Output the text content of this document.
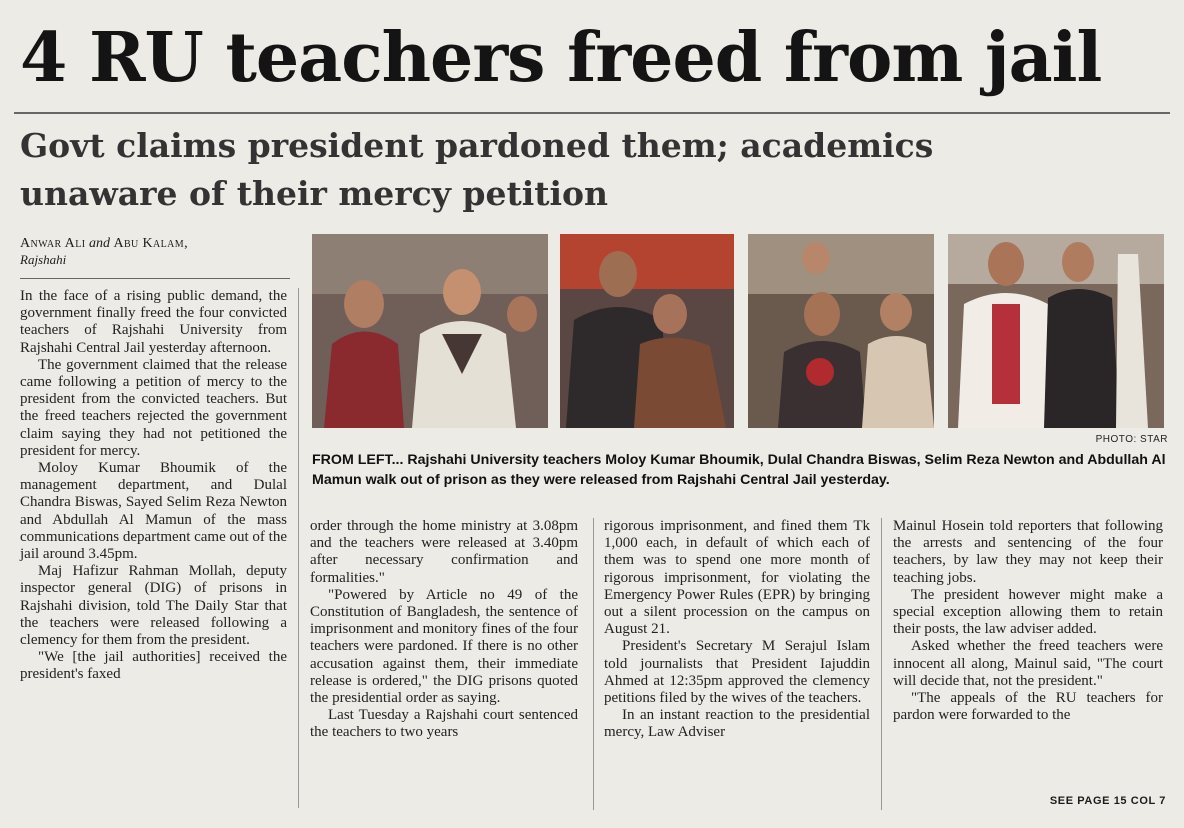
4 RU teachers freed from jail
Govt claims president pardoned them; academics unaware of their mercy petition
Anwar Ali and Abu Kalam,
Rajshahi

In the face of a rising public demand, the government finally freed the four convicted teachers of Rajshahi University from Rajshahi Central Jail yesterday afternoon.

The government claimed that the release came following a petition of mercy to the president from the convicted teachers. But the freed teachers rejected the government claim saying they had not petitioned the president for mercy.

Moloy Kumar Bhoumik of the management department, and Dulal Chandra Biswas, Sayed Selim Reza Newton and Abdullah Al Mamun of the mass communications department came out of the jail around 3.45pm.

Maj Hafizur Rahman Mollah, deputy inspector general (DIG) of prisons in Rajshahi division, told The Daily Star that the teachers were released following a clemency for them from the president.

"We [the jail authorities] received the president's faxed

PHOTO: STAR
FROM LEFT... Rajshahi University teachers Moloy Kumar Bhoumik, Dulal Chandra Biswas, Selim Reza Newton and Abdullah Al Mamun walk out of prison as they were released from Rajshahi Central Jail yesterday.

order through the home ministry at 3.08pm and the teachers were released at 3.40pm after necessary confirmation and formalities."

"Powered by Article no 49 of the Constitution of Bangladesh, the sentence of imprisonment and monitory fines of the four teachers were pardoned. If there is no other accusation against them, their immediate release is ordered," the DIG prisons quoted the presidential order as saying.

Last Tuesday a Rajshahi court sentenced the teachers to two years

rigorous imprisonment, and fined them Tk 1,000 each, in default of which each of them was to spend one more month of rigorous imprisonment, for violating the Emergency Power Rules (EPR) by bringing out a silent procession on the campus on August 21.

President's Secretary M Serajul Islam told journalists that President Iajuddin Ahmed at 12:35pm approved the clemency petitions filed by the wives of the teachers.

In an instant reaction to the presidential mercy, Law Adviser

Mainul Hosein told reporters that following the arrests and sentencing of the four teachers, by law they may not keep their teaching jobs.

The president however might make a special exception allowing them to retain their posts, the law adviser added.

Asked whether the freed teachers were innocent all along, Mainul said, "The court will decide that, not the president."

"The appeals of the RU teachers for pardon were forwarded to the

SEE PAGE 15 COL 7
